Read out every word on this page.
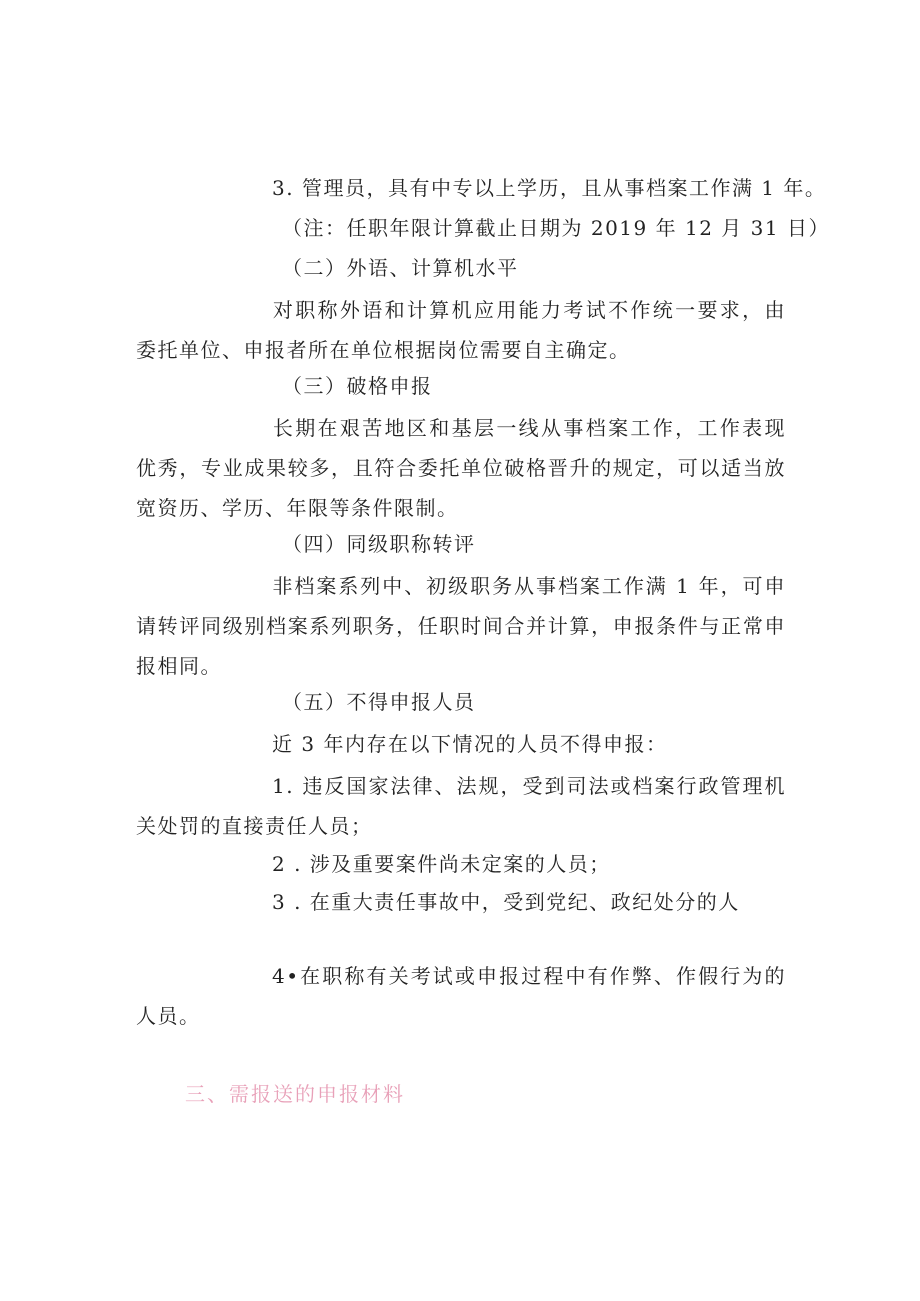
3. 管理员，具有中专以上学历，且从事档案工作满 1 年。
（注：任职年限计算截止日期为 2019 年 12 月 31 日）
（二）外语、计算机水平
对职称外语和计算机应用能力考试不作统一要求，由委托单位、申报者所在单位根据岗位需要自主确定。
（三）破格申报
长期在艰苦地区和基层一线从事档案工作，工作表现优秀，专业成果较多，且符合委托单位破格晋升的规定，可以适当放宽资历、学历、年限等条件限制。
（四）同级职称转评
非档案系列中、初级职务从事档案工作满 1 年，可申请转评同级别档案系列职务，任职时间合并计算，申报条件与正常申报相同。
（五）不得申报人员
近 3 年内存在以下情况的人员不得申报：
1. 违反国家法律、法规，受到司法或档案行政管理机关处罚的直接责任人员；
2 . 涉及重要案件尚未定案的人员；
3 . 在重大责任事故中，受到党纪、政纪处分的人
4•在职称有关考试或申报过程中有作弊、作假行为的人员。
三、需报送的申报材料
